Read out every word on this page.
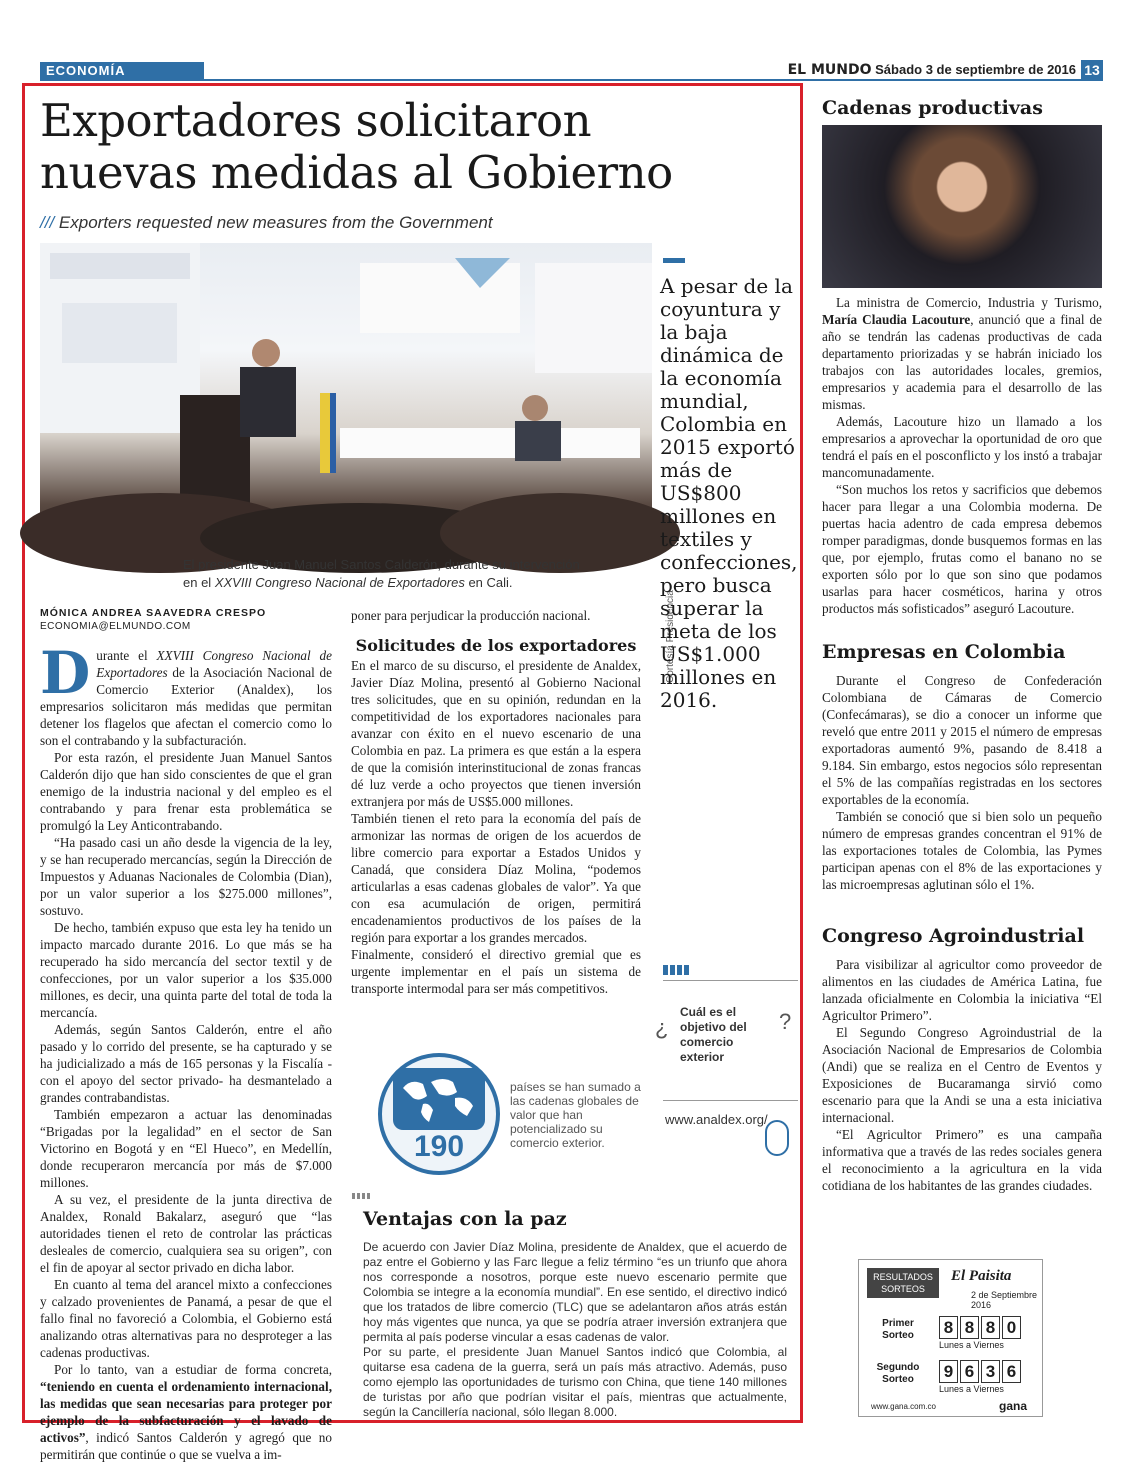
ECONOMÍA	EL MUNDO Sábado 3 de septiembre de 2016 13
Exportadores solicitaron
nuevas medidas al Gobierno
/// Exporters requested new measures from the Government
Cortesía Presidencia
El presidente Juan Manuel Santos Calderón, durante su intervención
en el XXVIII Congreso Nacional de Exportadores en Cali.
A pesar de la coyuntura y la baja dinámica de la economía mundial, Colombia en 2015 exportó más de US$800 millones en textiles y confecciones, pero busca superar la meta de los US$1.000 millones en 2016.
MÓNICA ANDREA SAAVEDRA CRESPO
ECONOMIA@ELMUNDO.COM

Durante el XXVIII Congreso Nacional de Exportadores de la Asociación Nacional de Comercio Exterior (Analdex), los empresarios solicitaron más medidas que permitan detener los flagelos que afectan el comercio como lo son el contrabando y la subfacturación.

Por esta razón, el presidente Juan Manuel Santos Calderón dijo que han sido conscientes de que el gran enemigo de la industria nacional y del empleo es el contrabando y para frenar esta problemática se promulgó la Ley Anticontrabando.

“Ha pasado casi un año desde la vigencia de la ley, y se han recuperado mercancías, según la Dirección de Impuestos y Aduanas Nacionales de Colombia (Dian), por un valor superior a los $275.000 millones”, sostuvo.

De hecho, también expuso que esta ley ha tenido un impacto marcado durante 2016. Lo que más se ha recuperado ha sido mercancía del sector textil y de confecciones, por un valor superior a los $35.000 millones, es decir, una quinta parte del total de toda la mercancía.

Además, según Santos Calderón, entre el año pasado y lo corrido del presente, se ha capturado y se ha judicializado a más de 165 personas y la Fiscalía -con el apoyo del sector privado- ha desmantelado a grandes contrabandistas.

También empezaron a actuar las denominadas “Brigadas por la legalidad” en el sector de San Victorino en Bogotá y en “El Hueco”, en Medellín, donde recuperaron mercancía por más de $7.000 millones.

A su vez, el presidente de la junta directiva de Analdex, Ronald Bakalarz, aseguró que “las autoridades tienen el reto de controlar las prácticas desleales de comercio, cualquiera sea su origen”, con el fin de apoyar al sector privado en dicha labor.

En cuanto al tema del arancel mixto a confecciones y calzado provenientes de Panamá, a pesar de que el fallo final no favoreció a Colombia, el Gobierno está analizando otras alternativas para no desproteger a las cadenas productivas.

Por lo tanto, van a estudiar de forma concreta, “teniendo en cuenta el ordenamiento internacional, las medidas que sean necesarias para proteger por ejemplo de la subfacturación y el lavado de activos”, indicó Santos Calderón y agregó que no permitirán que continúe o que se vuelva a im-

poner para perjudicar la producción nacional.

Solicitudes de los exportadores

En el marco de su discurso, el presidente de Analdex, Javier Díaz Molina, presentó al Gobierno Nacional tres solicitudes, que en su opinión, redundan en la competitividad de los exportadores nacionales para avanzar con éxito en el nuevo escenario de una Colombia en paz. La primera es que están a la espera de que la comisión interinstitucional de zonas francas dé luz verde a ocho proyectos que tienen inversión extranjera por más de US$5.000 millones.

También tienen el reto para la economía del país de armonizar las normas de origen de los acuerdos de libre comercio para exportar a Estados Unidos y Canadá, que considera Díaz Molina, “podemos articularlas a esas cadenas globales de valor”. Ya que con esa acumulación de origen, permitirá encadenamientos productivos de los países de la región para exportar a los grandes mercados.

Finalmente, consideró el directivo gremial que es urgente implementar en el país un sistema de transporte intermodal para ser más competitivos.

¿	?
Cuál es el objetivo del comercio exterior
www.analdex.org/
190
países se han sumado a las cadenas globales de valor que han potencializado su comercio exterior.
Ventajas con la paz
De acuerdo con Javier Díaz Molina, presidente de Analdex, que el acuerdo de paz entre el Gobierno y las Farc llegue a feliz término “es un triunfo que ahora nos corresponde a nosotros, porque este nuevo escenario permite que Colombia se integre a la economía mundial”. En ese sentido, el directivo indicó que los tratados de libre comercio (TLC) que se adelantaron años atrás están hoy más vigentes que nunca, ya que se podría atraer inversión extranjera que permita al país poderse vincular a esas cadenas de valor.
Por su parte, el presidente Juan Manuel Santos indicó que Colombia, al quitarse esa cadena de la guerra, será un país más atractivo. Además, puso como ejemplo las oportunidades de turismo con China, que tiene 140 millones de turistas por año que podrían visitar el país, mientras que actualmente, según la Cancillería nacional, sólo llegan 8.000.
Cadenas productivas

La ministra de Comercio, Industria y Turismo, María Claudia Lacouture, anunció que a final de año se tendrán las cadenas productivas de cada departamento priorizadas y se habrán iniciado los trabajos con las autoridades locales, gremios, empresarios y academia para el desarrollo de las mismas.

Además, Lacouture hizo un llamado a los empresarios a aprovechar la oportunidad de oro que tendrá el país en el posconflicto y los instó a trabajar mancomunadamente.

“Son muchos los retos y sacrificios que debemos hacer para llegar a una Colombia moderna. De puertas hacia adentro de cada empresa debemos romper paradigmas, donde busquemos formas en las que, por ejemplo, frutas como el banano no se exporten sólo por lo que son sino que podamos usarlas para hacer cosméticos, harina y otros productos más sofisticados” aseguró Lacouture.

Empresas en Colombia

Durante el Congreso de Confederación Colombiana de Cámaras de Comercio (Confecámaras), se dio a conocer un informe que reveló que entre 2011 y 2015 el número de empresas exportadoras aumentó 9%, pasando de 8.418 a 9.184. Sin embargo, estos negocios sólo representan el 5% de las compañías registradas en los sectores exportables de la economía.

También se conoció que si bien solo un pequeño número de empresas grandes concentran el 91% de las exportaciones totales de Colombia, las Pymes participan apenas con el 8% de las exportaciones y las microempresas aglutinan sólo el 1%.

Congreso Agroindustrial

Para visibilizar al agricultor como proveedor de alimentos en las ciudades de América Latina, fue lanzada oficialmente en Colombia la iniciativa “El Agricultor Primero”.

El Segundo Congreso Agroindustrial de la Asociación Nacional de Empresarios de Colombia (Andi) que se realiza en el Centro de Eventos y Exposiciones de Bucaramanga sirvió como escenario para que la Andi se una a esta iniciativa internacional.

“El Agricultor Primero” es una campaña informativa que a través de las redes sociales genera el reconocimiento a la agricultura en la vida cotidiana de los habitantes de las grandes ciudades.

RESULTADOS SORTEOS
El Paisita
2 de Septiembre 2016
Primer Sorteo	8 8 8 0
Lunes a Viernes
Segundo Sorteo	9 6 3 6
Lunes a Viernes
www.gana.com.co	gana
